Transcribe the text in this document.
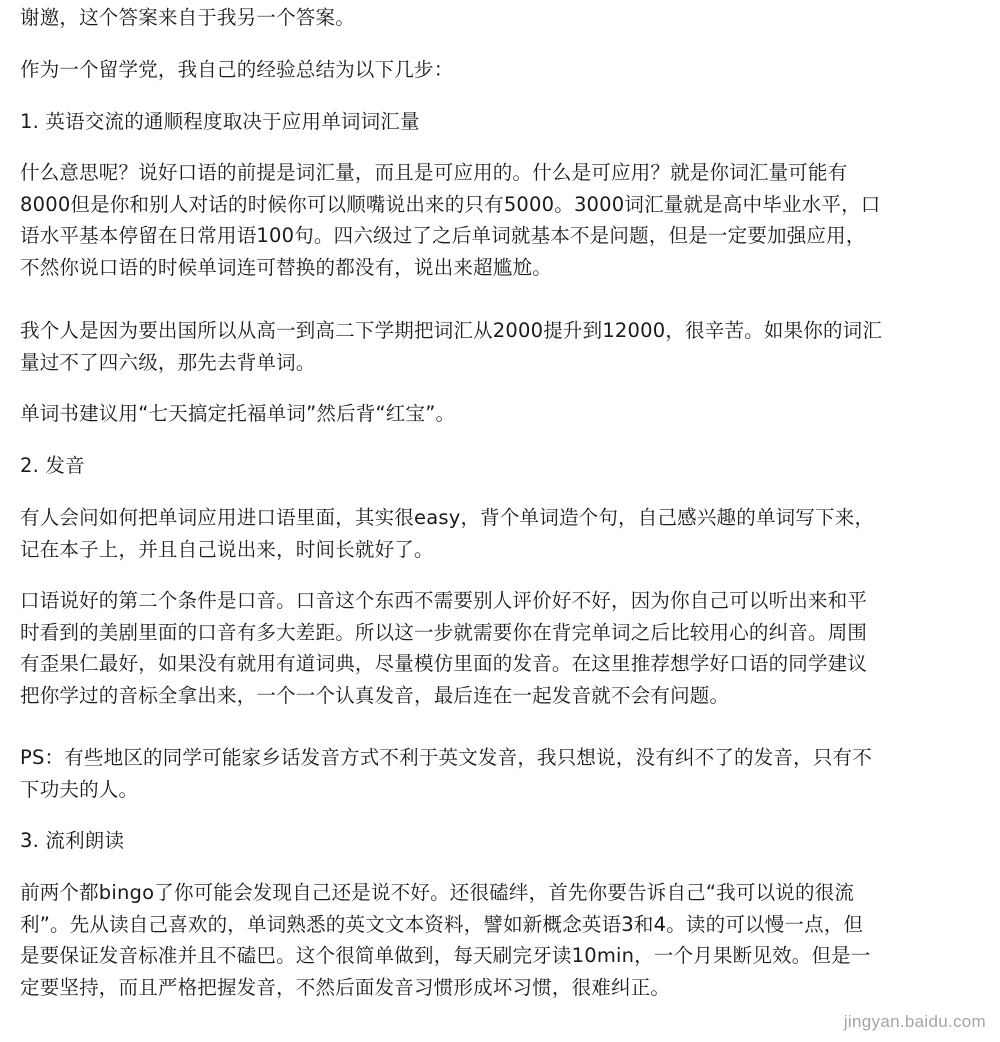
谢邀，这个答案来自于我另一个答案。

作为一个留学党，我自己的经验总结为以下几步：

1. 英语交流的通顺程度取决于应用单词词汇量

什么意思呢？说好口语的前提是词汇量，而且是可应用的。什么是可应用？就是你词汇量可能有
8000但是你和别人对话的时候你可以顺嘴说出来的只有5000。3000词汇量就是高中毕业水平，口
语水平基本停留在日常用语100句。四六级过了之后单词就基本不是问题，但是一定要加强应用，
不然你说口语的时候单词连可替换的都没有，说出来超尴尬。

我个人是因为要出国所以从高一到高二下学期把词汇从2000提升到12000，很辛苦。如果你的词汇
量过不了四六级，那先去背单词。

单词书建议用“七天搞定托福单词”然后背“红宝”。

2. 发音

有人会问如何把单词应用进口语里面，其实很easy，背个单词造个句，自己感兴趣的单词写下来，
记在本子上，并且自己说出来，时间长就好了。

口语说好的第二个条件是口音。口音这个东西不需要别人评价好不好，因为你自己可以听出来和平
时看到的美剧里面的口音有多大差距。所以这一步就需要你在背完单词之后比较用心的纠音。周围
有歪果仁最好，如果没有就用有道词典，尽量模仿里面的发音。在这里推荐想学好口语的同学建议
把你学过的音标全拿出来，一个一个认真发音，最后连在一起发音就不会有问题。

PS：有些地区的同学可能家乡话发音方式不利于英文发音，我只想说，没有纠不了的发音，只有不
下功夫的人。

3. 流利朗读

前两个都bingo了你可能会发现自己还是说不好。还很磕绊，首先你要告诉自己“我可以说的很流
利”。先从读自己喜欢的，单词熟悉的英文文本资料，譬如新概念英语3和4。读的可以慢一点，但
是要保证发音标准并且不磕巴。这个很简单做到，每天刷完牙读10min，一个月果断见效。但是一
定要坚持，而且严格把握发音，不然后面发音习惯形成坏习惯，很难纠正。

jingyan.baidu.com
